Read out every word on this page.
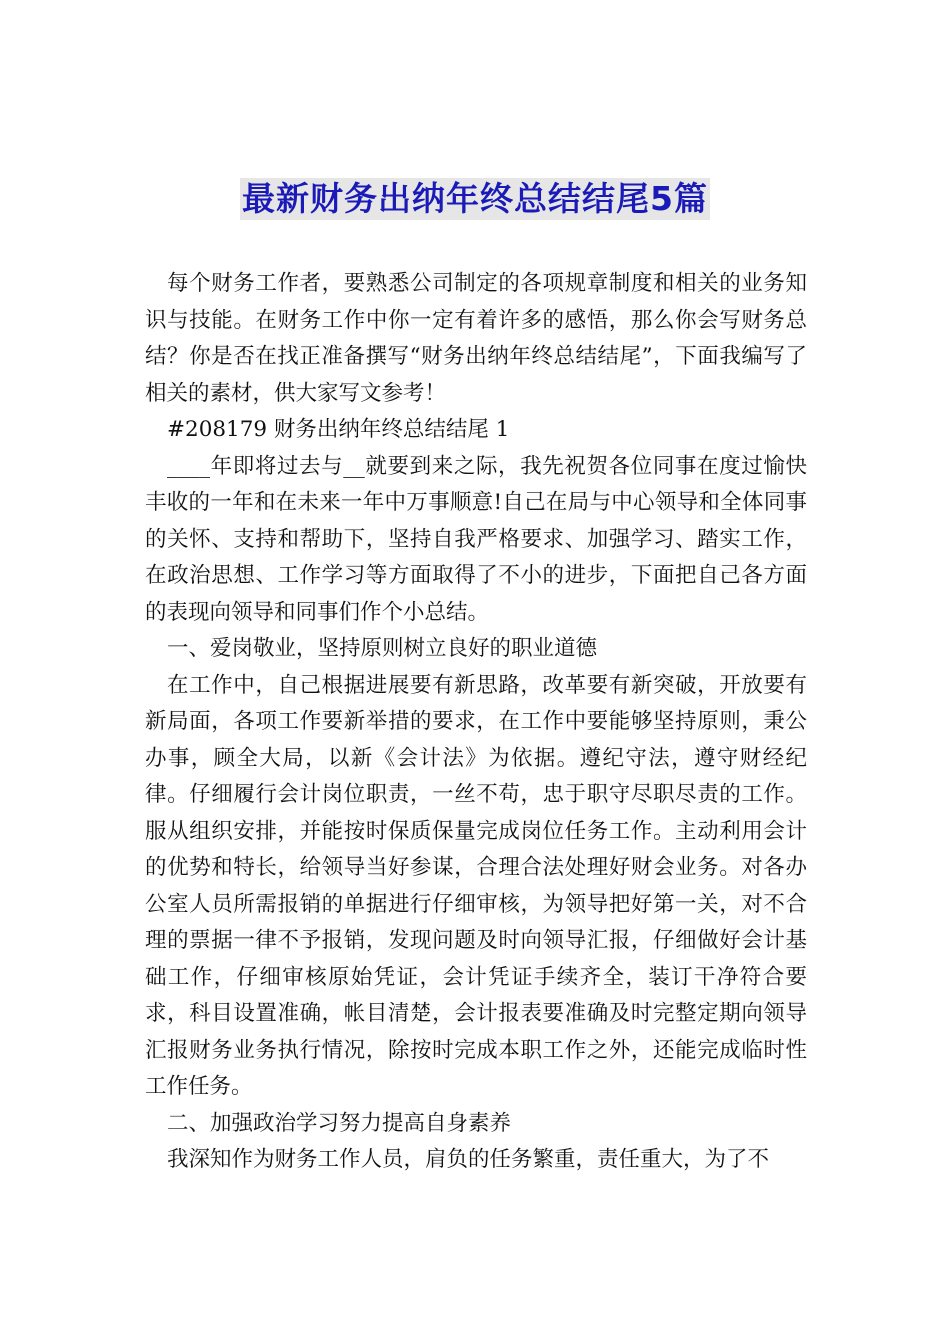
最新财务出纳年终总结结尾5篇

每个财务工作者，要熟悉公司制定的各项规章制度和相关的业务知识与技能。在财务工作中你一定有着许多的感悟，那么你会写财务总结？你是否在找正准备撰写“财务出纳年终总结结尾”，下面我编写了相关的素材，供大家写文参考！

#208179 财务出纳年终总结结尾 1

____年即将过去与__就要到来之际，我先祝贺各位同事在度过愉快丰收的一年和在未来一年中万事顺意!自己在局与中心领导和全体同事的关怀、支持和帮助下，坚持自我严格要求、加强学习、踏实工作，在政治思想、工作学习等方面取得了不小的进步，下面把自己各方面的表现向领导和同事们作个小总结。

一、爱岗敬业，坚持原则树立良好的职业道德

在工作中，自己根据进展要有新思路，改革要有新突破，开放要有新局面，各项工作要新举措的要求，在工作中要能够坚持原则，秉公办事，顾全大局，以新《会计法》为依据。遵纪守法，遵守财经纪律。仔细履行会计岗位职责，一丝不苟，忠于职守尽职尽责的工作。服从组织安排，并能按时保质保量完成岗位任务工作。主动利用会计的优势和特长，给领导当好参谋，合理合法处理好财会业务。对各办公室人员所需报销的单据进行仔细审核，为领导把好第一关，对不合理的票据一律不予报销，发现问题及时向领导汇报，仔细做好会计基础工作，仔细审核原始凭证，会计凭证手续齐全，装订干净符合要求，科目设置准确，帐目清楚，会计报表要准确及时完整定期向领导汇报财务业务执行情况，除按时完成本职工作之外，还能完成临时性工作任务。

二、加强政治学习努力提高自身素养

我深知作为财务工作人员，肩负的任务繁重，责任重大，为了不
